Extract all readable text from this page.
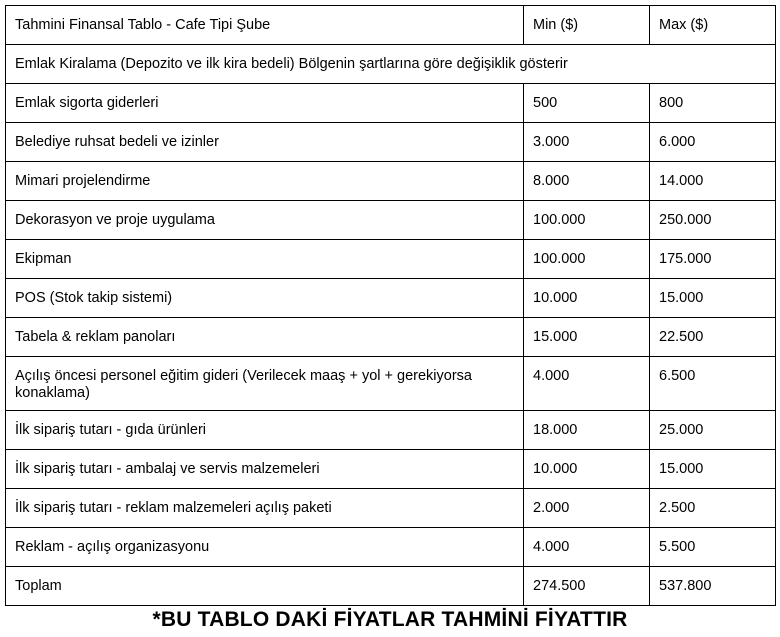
Tahmini Finansal Tablo - Cafe Tipi Şube	Min ($)	Max ($)
Emlak Kiralama (Depozito ve ilk kira bedeli) Bölgenin şartlarına göre değişiklik gösterir		
Emlak sigorta giderleri	500	800
Belediye ruhsat bedeli ve izinler	3.000	6.000
Mimari projelendirme	8.000	14.000
Dekorasyon ve proje uygulama	100.000	250.000
Ekipman	100.000	175.000
POS (Stok takip sistemi)	10.000	15.000
Tabela & reklam panoları	15.000	22.500
Açılış öncesi personel eğitim gideri (Verilecek maaş + yol + gerekiyorsa konaklama)	4.000	6.500
İlk sipariş tutarı - gıda ürünleri	18.000	25.000
İlk sipariş tutarı - ambalaj ve servis malzemeleri	10.000	15.000
İlk sipariş tutarı - reklam malzemeleri açılış paketi	2.000	2.500
Reklam - açılış organizasyonu	4.000	5.500
Toplam	274.500	537.800
*BU TABLO DAKİ FİYATLAR TAHMİNİ FİYATTIR
